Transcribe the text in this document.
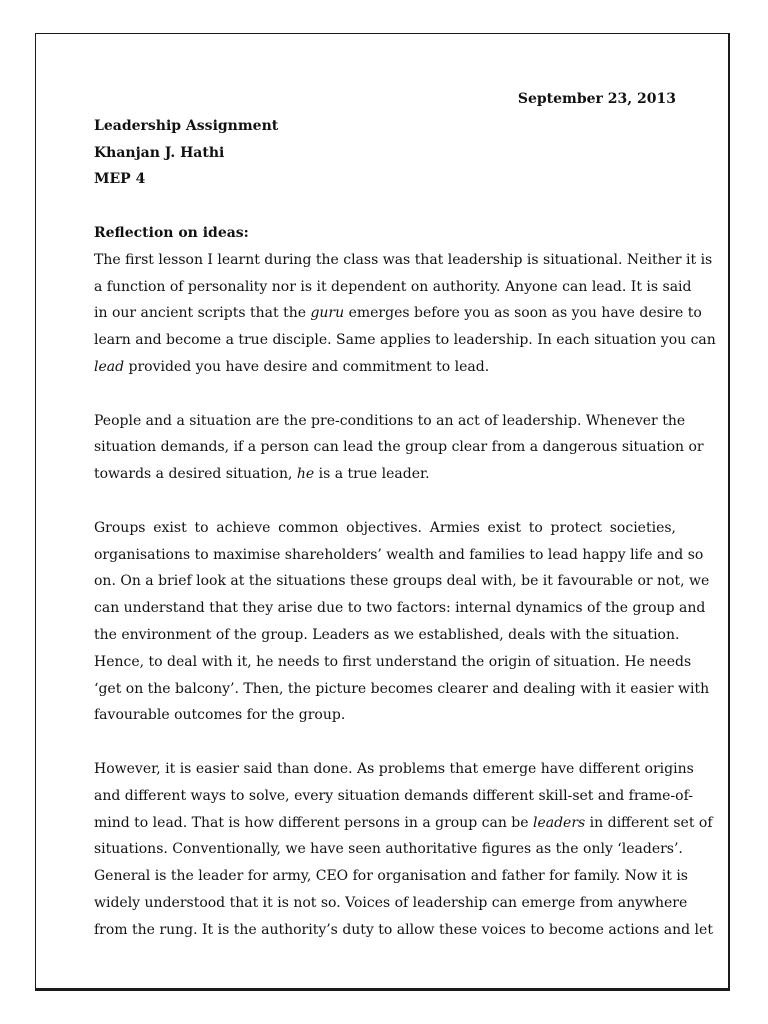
September 23, 2013
Leadership Assignment
Khanjan J. Hathi
MEP 4
Reflection on ideas:
The first lesson I learnt during the class was that leadership is situational. Neither it is
a function of personality nor is it dependent on authority. Anyone can lead. It is said
in our ancient scripts that the guru emerges before you as soon as you have desire to
learn and become a true disciple. Same applies to leadership. In each situation you can
lead provided you have desire and commitment to lead.
People and a situation are the pre-conditions to an act of leadership. Whenever the
situation demands, if a person can lead the group clear from a dangerous situation or
towards a desired situation, he is a true leader.
Groups exist to achieve common objectives. Armies exist to protect societies,
organisations to maximise shareholders’ wealth and families to lead happy life and so
on. On a brief look at the situations these groups deal with, be it favourable or not, we
can understand that they arise due to two factors: internal dynamics of the group and
the environment of the group. Leaders as we established, deals with the situation.
Hence, to deal with it, he needs to first understand the origin of situation. He needs
‘get on the balcony’. Then, the picture becomes clearer and dealing with it easier with
favourable outcomes for the group.
However, it is easier said than done. As problems that emerge have different origins
and different ways to solve, every situation demands different skill-set and frame-of-
mind to lead. That is how different persons in a group can be leaders in different set of
situations. Conventionally, we have seen authoritative figures as the only ‘leaders’.
General is the leader for army, CEO for organisation and father for family. Now it is
widely understood that it is not so. Voices of leadership can emerge from anywhere
from the rung. It is the authority’s duty to allow these voices to become actions and let
